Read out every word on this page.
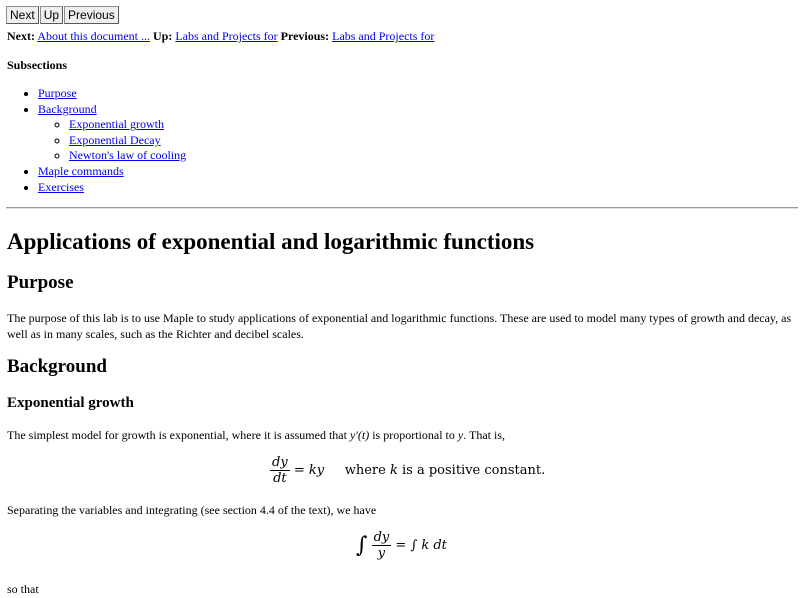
Next Up Previous
Next: About this document ... Up: Labs and Projects for Previous: Labs and Projects for
Subsections
• Purpose
• Background
◦ Exponential growth
◦ Exponential Decay
◦ Newton's law of cooling
• Maple commands
• Exercises
Applications of exponential and logarithmic functions
Purpose

The purpose of this lab is to use Maple to study applications of exponential and logarithmic functions. These are used to model many types of growth and decay, as well as in many scales, such as the Richter and decibel scales.

Background
Exponential growth

The simplest model for growth is exponential, where it is assumed that y′(t) is proportional to y. That is,

$\frac{dy}{dt}$ = ky where k is a positive constant.

Separating the variables and integrating (see section 4.4 of the text), we have

∫ $\frac{dy}{y}$ = ∫ k dt

so that
